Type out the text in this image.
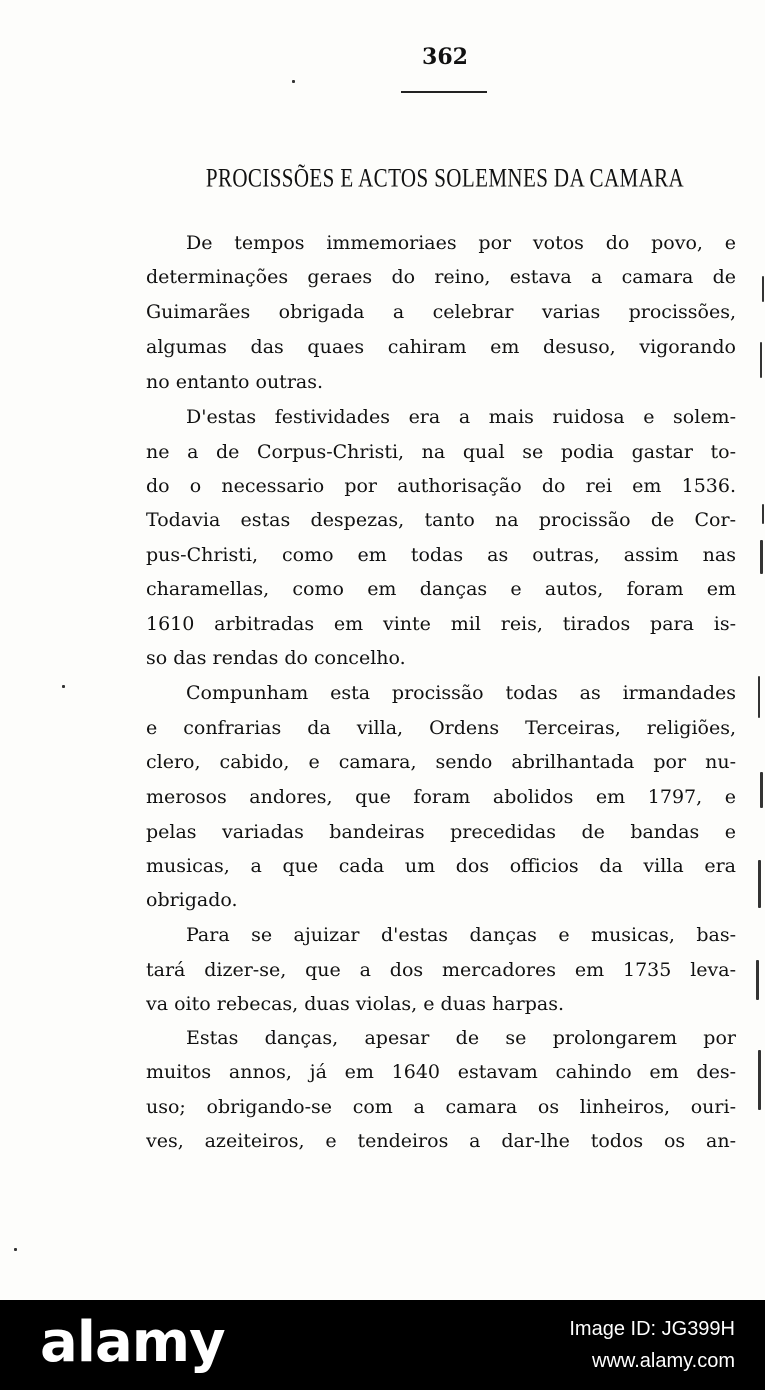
362
PROCISSÕES E ACTOS SOLEMNES DA CAMARA
De tempos immemoriaes por votos do povo, e
determinações geraes do reino, estava a camara de
Guimarães obrigada a celebrar varias procissões,
algumas das quaes cahiram em desuso, vigorando
no entanto outras.
D'estas festividades era a mais ruidosa e solem-
ne a de Corpus-Christi, na qual se podia gastar to-
do o necessario por authorisação do rei em 1536.
Todavia estas despezas, tanto na procissão de Cor-
pus-Christi, como em todas as outras, assim nas
charamellas, como em danças e autos, foram em
1610 arbitradas em vinte mil reis, tirados para is-
so das rendas do concelho.
Compunham esta procissão todas as irmandades
e confrarias da villa, Ordens Terceiras, religiões,
clero, cabido, e camara, sendo abrilhantada por nu-
merosos andores, que foram abolidos em 1797, e
pelas variadas bandeiras precedidas de bandas e
musicas, a que cada um dos officios da villa era
obrigado.
Para se ajuizar d'estas danças e musicas, bas-
tará dizer-se, que a dos mercadores em 1735 leva-
va oito rebecas, duas violas, e duas harpas.
Estas danças, apesar de se prolongarem por
muitos annos, já em 1640 estavam cahindo em des-
uso; obrigando-se com a camara os linheiros, ouri-
ves, azeiteiros, e tendeiros a dar-lhe todos os an-
alamy	Image ID: JG399H
www.alamy.com
